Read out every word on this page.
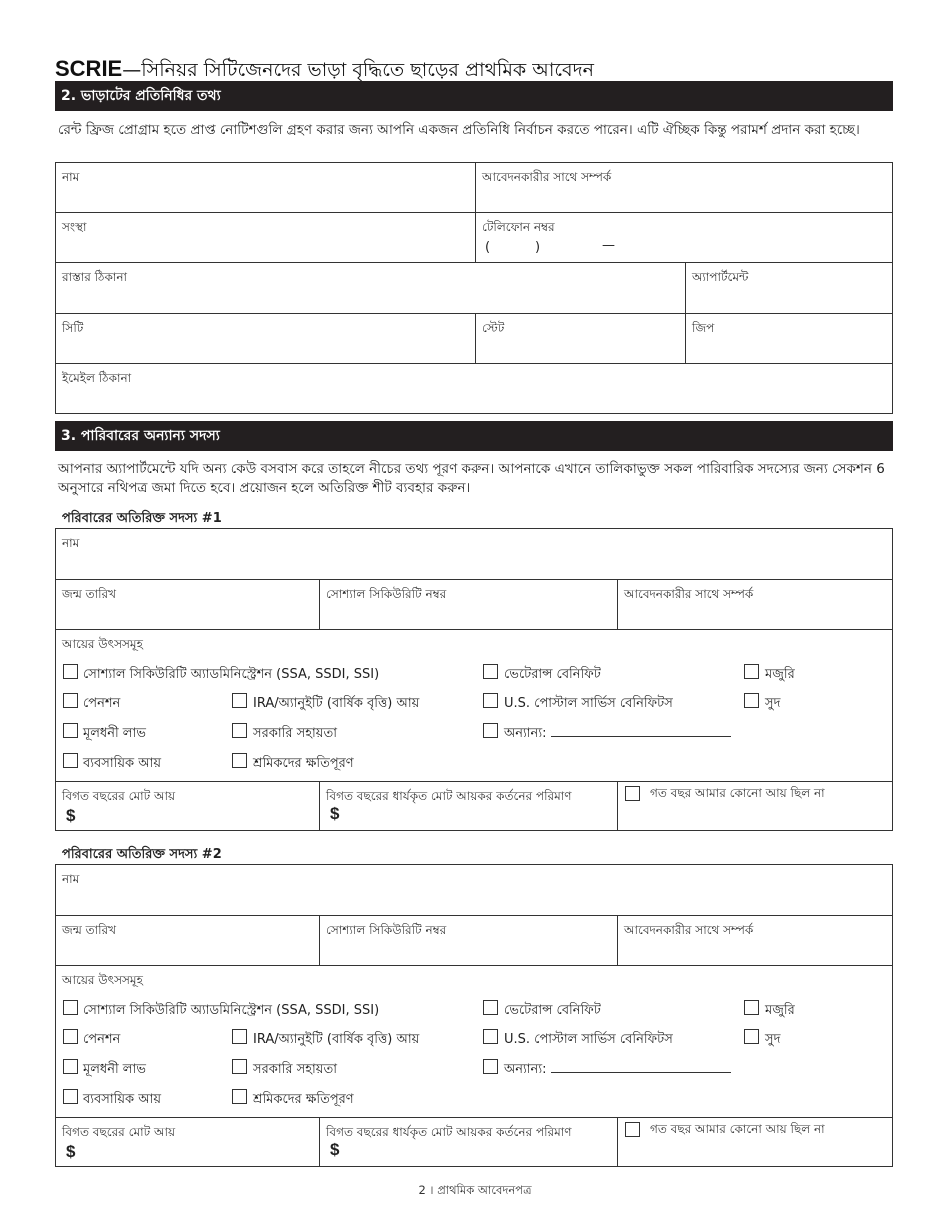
SCRIE—সিনিয়র সিটিজেনদের ভাড়া বৃদ্ধিতে ছাড়ের প্রাথমিক আবেদন
2. ভাড়াটের প্রতিনিধির তথ্য
রেন্ট ফ্রিজ প্রোগ্রাম হতে প্রাপ্ত নোটিশগুলি গ্রহণ করার জন্য আপনি একজন প্রতিনিধি নির্বাচন করতে পারেন। এটি ঐচ্ছিক কিন্তু পরামর্শ প্রদান করা হচ্ছে।
নাম	আবেদনকারীর সাথে সম্পর্ক
সংস্থা	টেলিফোন নম্বর
(	)	—
রাস্তার ঠিকানা	অ্যাপার্টমেন্ট
সিটি	স্টেট	জিপ
ইমেইল ঠিকানা
3. পারিবারের অন্যান্য সদস্য
আপনার অ্যাপার্টমেন্টে যদি অন্য কেউ বসবাস করে তাহলে নীচের তথ্য পূরণ করুন। আপনাকে এখানে তালিকাভুক্ত সকল পারিবারিক সদস্যের জন্য সেকশন 6 অনুসারে নথিপত্র জমা দিতে হবে। প্রয়োজন হলে অতিরিক্ত শীট ব্যবহার করুন।
পরিবারের অতিরিক্ত সদস্য #1
নাম
জন্ম তারিখ	সোশ্যাল সিকিউরিটি নম্বর	আবেদনকারীর সাথে সম্পর্ক
আয়ের উৎসসমূহ
সোশ্যাল সিকিউরিটি অ্যাডমিনিস্ট্রেশন (SSA, SSDI, SSI)	ভেটেরান্স বেনিফিট	মজুরি
পেনশন	IRA/অ্যানুইটি (বার্ষিক বৃত্তি) আয়	U.S. পোস্টাল সার্ভিস বেনিফিটস	সুদ
মূলধনী লাভ	সরকারি সহায়তা	অন্যান্য:
ব্যবসায়িক আয়	শ্রমিকদের ক্ষতিপূরণ
বিগত বছরের মোট আয়
$
বিগত বছরের ধার্যকৃত মোট আয়কর কর্তনের পরিমাণ
$
গত বছর আমার কোনো আয় ছিল না
পরিবারের অতিরিক্ত সদস্য #2
নাম
জন্ম তারিখ	সোশ্যাল সিকিউরিটি নম্বর	আবেদনকারীর সাথে সম্পর্ক
আয়ের উৎসসমূহ
সোশ্যাল সিকিউরিটি অ্যাডমিনিস্ট্রেশন (SSA, SSDI, SSI)	ভেটেরান্স বেনিফিট	মজুরি
পেনশন	IRA/অ্যানুইটি (বার্ষিক বৃত্তি) আয়	U.S. পোস্টাল সার্ভিস বেনিফিটস	সুদ
মূলধনী লাভ	সরকারি সহায়তা	অন্যান্য:
ব্যবসায়িক আয়	শ্রমিকদের ক্ষতিপূরণ
বিগত বছরের মোট আয়
$
বিগত বছরের ধার্যকৃত মোট আয়কর কর্তনের পরিমাণ
$
গত বছর আমার কোনো আয় ছিল না
2 । প্রাথমিক আবেদনপত্র
